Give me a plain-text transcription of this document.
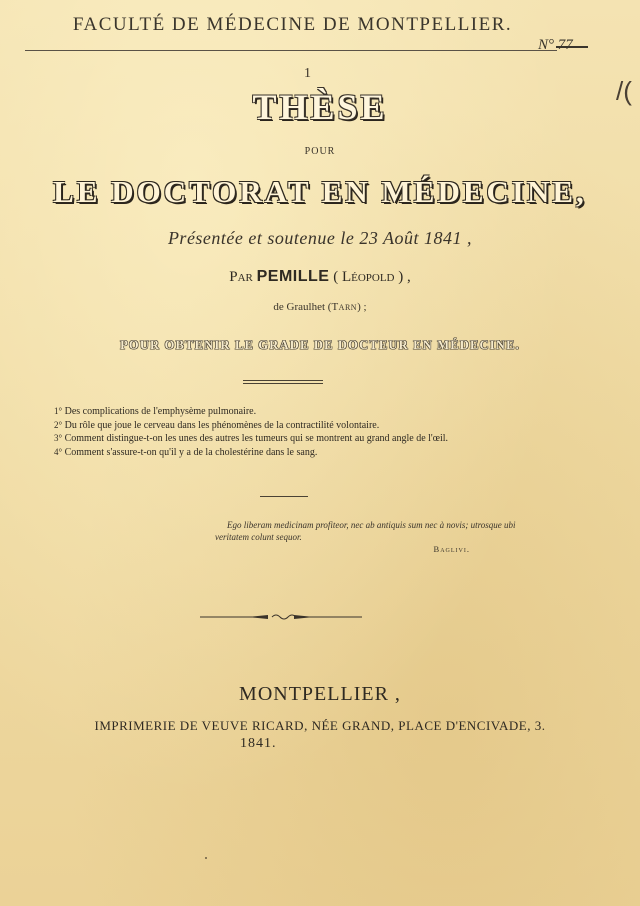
FACULTÉ DE MÉDECINE DE MONTPELLIER.
N° 77
/(
1
THÈSE
POUR
LE DOCTORAT EN MÉDECINE,
Présentée et soutenue le 23 Août 1841 ,
Par PEMILLE ( Léopold ) ,
de Graulhet (Tarn) ;
POUR OBTENIR LE GRADE DE DOCTEUR EN MÉDECINE.
1° Des complications de l'emphysème pulmonaire.
2° Du rôle que joue le cerveau dans les phénomènes de la contractilité volontaire.
3° Comment distingue-t-on les unes des autres les tumeurs qui se montrent au grand angle de l'œil.
4° Comment s'assure-t-on qu'il y a de la cholestérine dans le sang.
Ego liberam medicinam profiteor, nec ab antiquis sum nec à novis; utrosque ubi veritatem colunt sequor.
Baglivi.
MONTPELLIER ,
IMPRIMERIE DE VEUVE RICARD, NÉE GRAND, PLACE D'ENCIVADE, 3.
1841.
